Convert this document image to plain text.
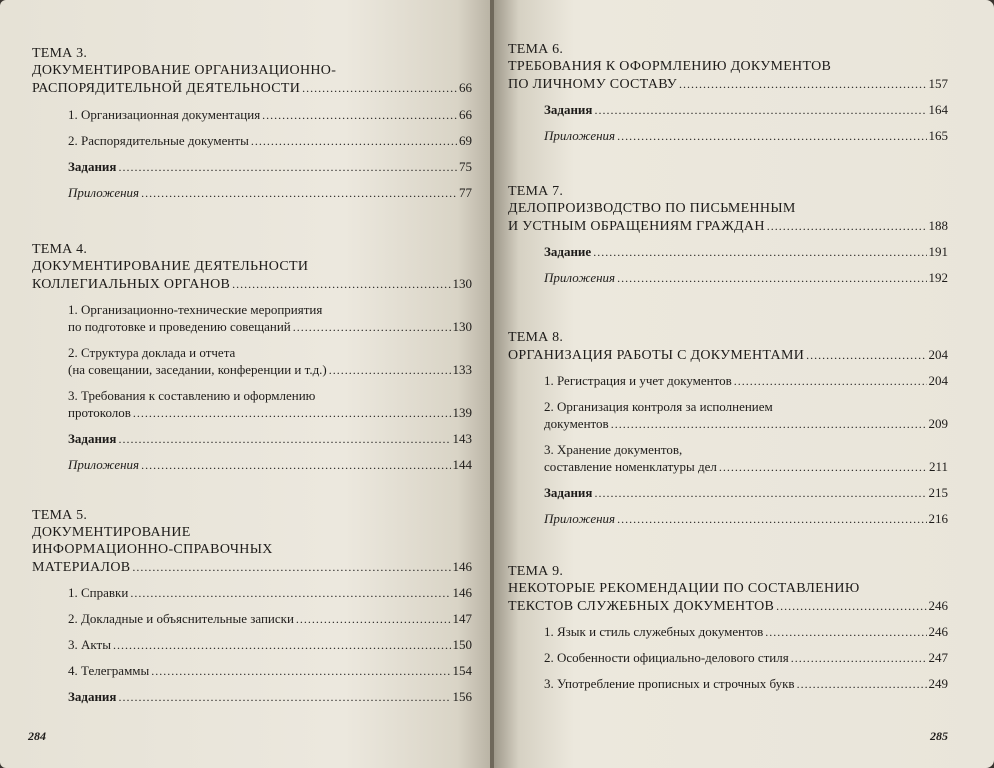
ТЕМА 3.
ДОКУМЕНТИРОВАНИЕ ОРГАНИЗАЦИОННО-
РАСПОРЯДИТЕЛЬНОЙ ДЕЯТЕЛЬНОСТИ .....	66
1. Организационная документация .....	66
2. Распорядительные документы .....	69
Задания .....	75
Приложения .....	77
ТЕМА 4.
ДОКУМЕНТИРОВАНИЕ ДЕЯТЕЛЬНОСТИ
КОЛЛЕГИАЛЬНЫХ ОРГАНОВ .....	130
1. Организационно-технические мероприятия
по подготовке и проведению совещаний .....	130
2. Структура доклада и отчета
(на совещании, заседании, конференции и т.д.) .....	133
3. Требования к составлению и оформлению
протоколов .....	139
Задания .....	143
Приложения .....	144
ТЕМА 5.
ДОКУМЕНТИРОВАНИЕ
ИНФОРМАЦИОННО-СПРАВОЧНЫХ
МАТЕРИАЛОВ .....	146
1. Справки .....	146
2. Докладные и объяснительные записки .....	147
3. Акты .....	150
4. Телеграммы .....	154
Задания .....	156
284
ТЕМА 6.
ТРЕБОВАНИЯ К ОФОРМЛЕНИЮ ДОКУМЕНТОВ
ПО ЛИЧНОМУ СОСТАВУ .....	157
Задания .....	164
Приложения .....	165
ТЕМА 7.
ДЕЛОПРОИЗВОДСТВО ПО ПИСЬМЕННЫМ
И УСТНЫМ ОБРАЩЕНИЯМ ГРАЖДАН .....	188
Задание .....	191
Приложения .....	192
ТЕМА 8.
ОРГАНИЗАЦИЯ РАБОТЫ С ДОКУМЕНТАМИ .....	204
1. Регистрация и учет документов .....	204
2. Организация контроля за исполнением
документов .....	209
3. Хранение документов,
составление номенклатуры дел .....	211
Задания .....	215
Приложения .....	216
ТЕМА 9.
НЕКОТОРЫЕ РЕКОМЕНДАЦИИ ПО СОСТАВЛЕНИЮ
ТЕКСТОВ СЛУЖЕБНЫХ ДОКУМЕНТОВ .....	246
1. Язык и стиль служебных документов .....	246
2. Особенности официально-делового стиля .....	247
3. Употребление прописных и строчных букв .....	249
285
